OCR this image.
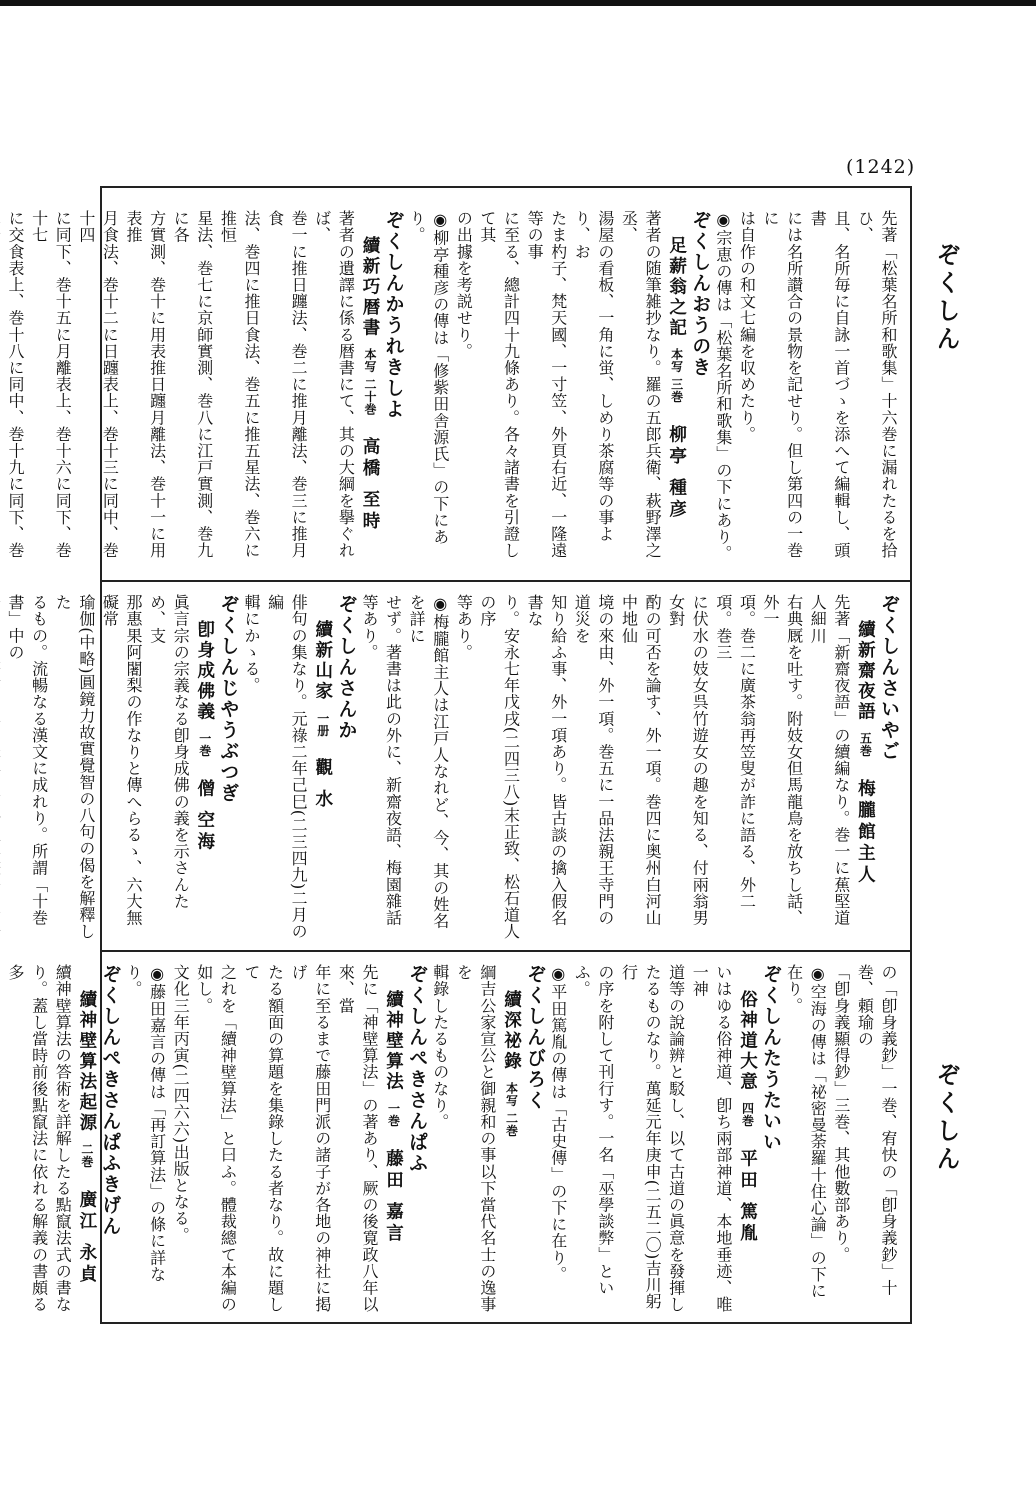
(1242)
ぞくしん
ぞくしん

先著「松葉名所和歌集」十六巻に漏れたるを拾ひ、

且、名所毎に自詠一首づゝを添へて編輯し、頭書

には名所讃合の景物を記せり。但し第四の一巻に

は自作の和文七編を収めたり。

◉宗恵の傳は「松葉名所和歌集」の下にあり。

ぞくしんおうのき

足薪翁之記本写 三巻柳亭 種彦

著者の随筆雑抄なり。羅の五郎兵衛、萩野澤之丞、

湯屋の看板、一角に蛍、しめり茶腐等の事より、お

たま杓子、梵天國、一寸笠、外頁右近、一隆遠等の事

に至る、總計四十九條あり。各々諸書を引證して其

の出據を考説せり。

◉柳亭種彦の傳は「修紫田舎源氏」の下にあり。

ぞくしんかうれきしよ

續新巧暦書本写 二十巻高橋 至時

著者の遺譯に係る暦書にて、其の大綱を擧ぐれば、

巻一に推日躔法、巻二に推月離法、巻三に推月食

法、巻四に推日食法、巻五に推五星法、巻六に推恒

星法、巻七に京師實測、巻八に江戸實測、巻九に各

方實測、巻十に用表推日躔月離法、巻十一に用表推

月食法、巻十二に日躔表上、巻十三に同中、巻十四

に同下、巻十五に月離表上、巻十六に同下、巻十七

に交食表上、巻十八に同中、巻十九に同下、巻

ぞくしんさいやご

續新齋夜語五巻梅朧館主人

先著「新齋夜語」の續編なり。巻一に蕉堅道人細川

右典厩を吐す。附妓女但馬龍鳥を放ちし話、外一

項。巻二に廣茶翁再笠叟が詐に語る、外二項。巻三

に伏水の妓女呉竹遊女の趣を知る、付兩翁男女對

酌の可否を論す、外一項。巻四に奥州白河山中地仙

境の來由、外一項。巻五に一品法親王寺門の道災を

知り給ふ事、外一項あり。皆古談の擒入假名書な

り。安永七年戊戌(二四三八)末正致、松石道人の序

等あり。

◉梅朧館主人は江戸人なれど、今、其の姓名を詳に

せず。著書は此の外に、新齋夜語、梅園雜話等あり。

ぞくしんさんか

續新山家一册觀 水

俳句の集なり。元祿二年己巳(二三四九)二月の編

輯にかゝる。

ぞくしんじやうぶつぎ

卽身成佛義一巻僧 空海

眞言宗の宗義なる卽身成佛の義を示さんため、支

那惠果阿闍梨の作なりと傳へらるゝ、六大無礙常

瑜伽(中略)圓鏡力故實覺智の八句の偈を解釋した

るもの。流暢なる漢文に成れり。所謂「十巻書」中の

の「卽身義鈔」一巻、宥快の「卽身義鈔」十巻、頼瑜の

「卽身義顯得鈔」三巻、其他數部あり。

◉空海の傳は「祕密曼荼羅十住心論」の下に在り。

ぞくしんたうたいい

俗神道大意四巻平田 篤胤

いはゆる俗神道、卽ち兩部神道、本地垂迹、唯一神

道等の說論辨と駁し、以て古道の眞意を發揮し

たるものなり。萬延元年庚申(二五二〇)吉川躬行

の序を附して刊行す。一名「巫學談弊」といふ。

◉平田篤胤の傳は「古史傳」の下に在り。

ぞくしんびろく

續深祕錄本写 二巻

綱吉公家宣公と御親和の事以下當代名士の逸事を

輯錄したるものなり。

ぞくしんぺきさんぱふ

續神壁算法一巻藤田 嘉言

先に「神壁算法」の著あり、厥の後寛政八年以來、當

年に至るまで藤田門派の諸子が各地の神社に掲げ

たる額面の算題を集錄したる者なり。故に題して

之れを「續神壁算法」と曰ふ。體裁總て本編の如し。

文化三年丙寅(二四六六)出版となる。

◉藤田嘉言の傳は「再訂算法」の條に詳なり。

ぞくしんぺきさんぱふきげん

續神壁算法起源二巻廣江 永貞

續神壁算法の答術を詳解したる點竄法式の書な

り。蓋し當時前後點竄法に依れる解義の書頗る多
